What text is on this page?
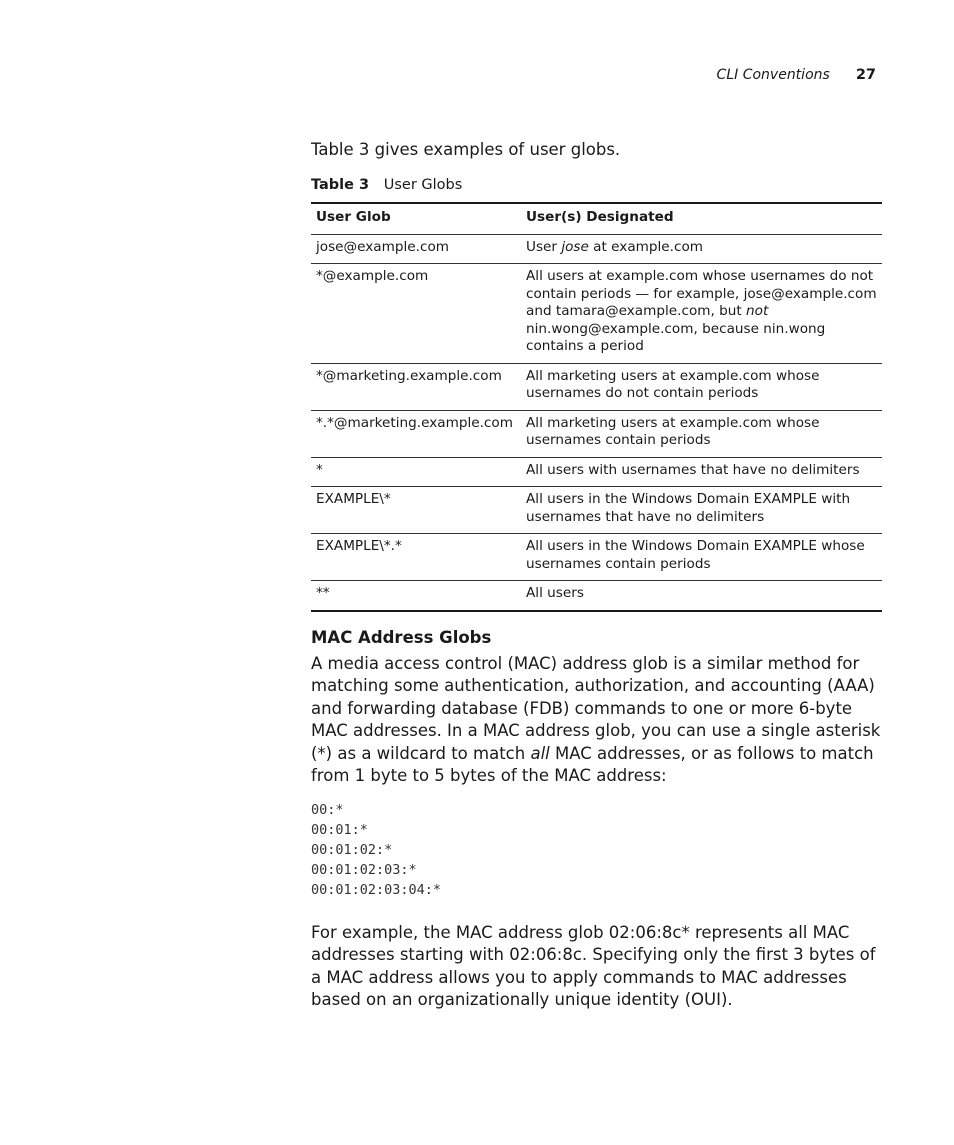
CLI Conventions 27

Table 3 gives examples of user globs.

Table 3 User Globs
User Glob	User(s) Designated
jose@example.com	User jose at example.com
*@example.com	All users at example.com whose usernames do not contain periods — for example, jose@example.com and tamara@example.com, but not nin.wong@example.com, because nin.wong contains a period
*@marketing.example.com	All marketing users at example.com whose usernames do not contain periods
*.*@marketing.example.com	All marketing users at example.com whose usernames contain periods
*	All users with usernames that have no delimiters
EXAMPLE\*	All users in the Windows Domain EXAMPLE with usernames that have no delimiters
EXAMPLE\*.*	All users in the Windows Domain EXAMPLE whose usernames contain periods
**	All users
MAC Address Globs

A media access control (MAC) address glob is a similar method for matching some authentication, authorization, and accounting (AAA) and forwarding database (FDB) commands to one or more 6-byte MAC addresses. In a MAC address glob, you can use a single asterisk (*) as a wildcard to match all MAC addresses, or as follows to match from 1 byte to 5 bytes of the MAC address:

00:*
00:01:*
00:01:02:*
00:01:02:03:*
00:01:02:03:04:*

For example, the MAC address glob 02:06:8c* represents all MAC addresses starting with 02:06:8c. Specifying only the first 3 bytes of a MAC address allows you to apply commands to MAC addresses based on an organizationally unique identity (OUI).
